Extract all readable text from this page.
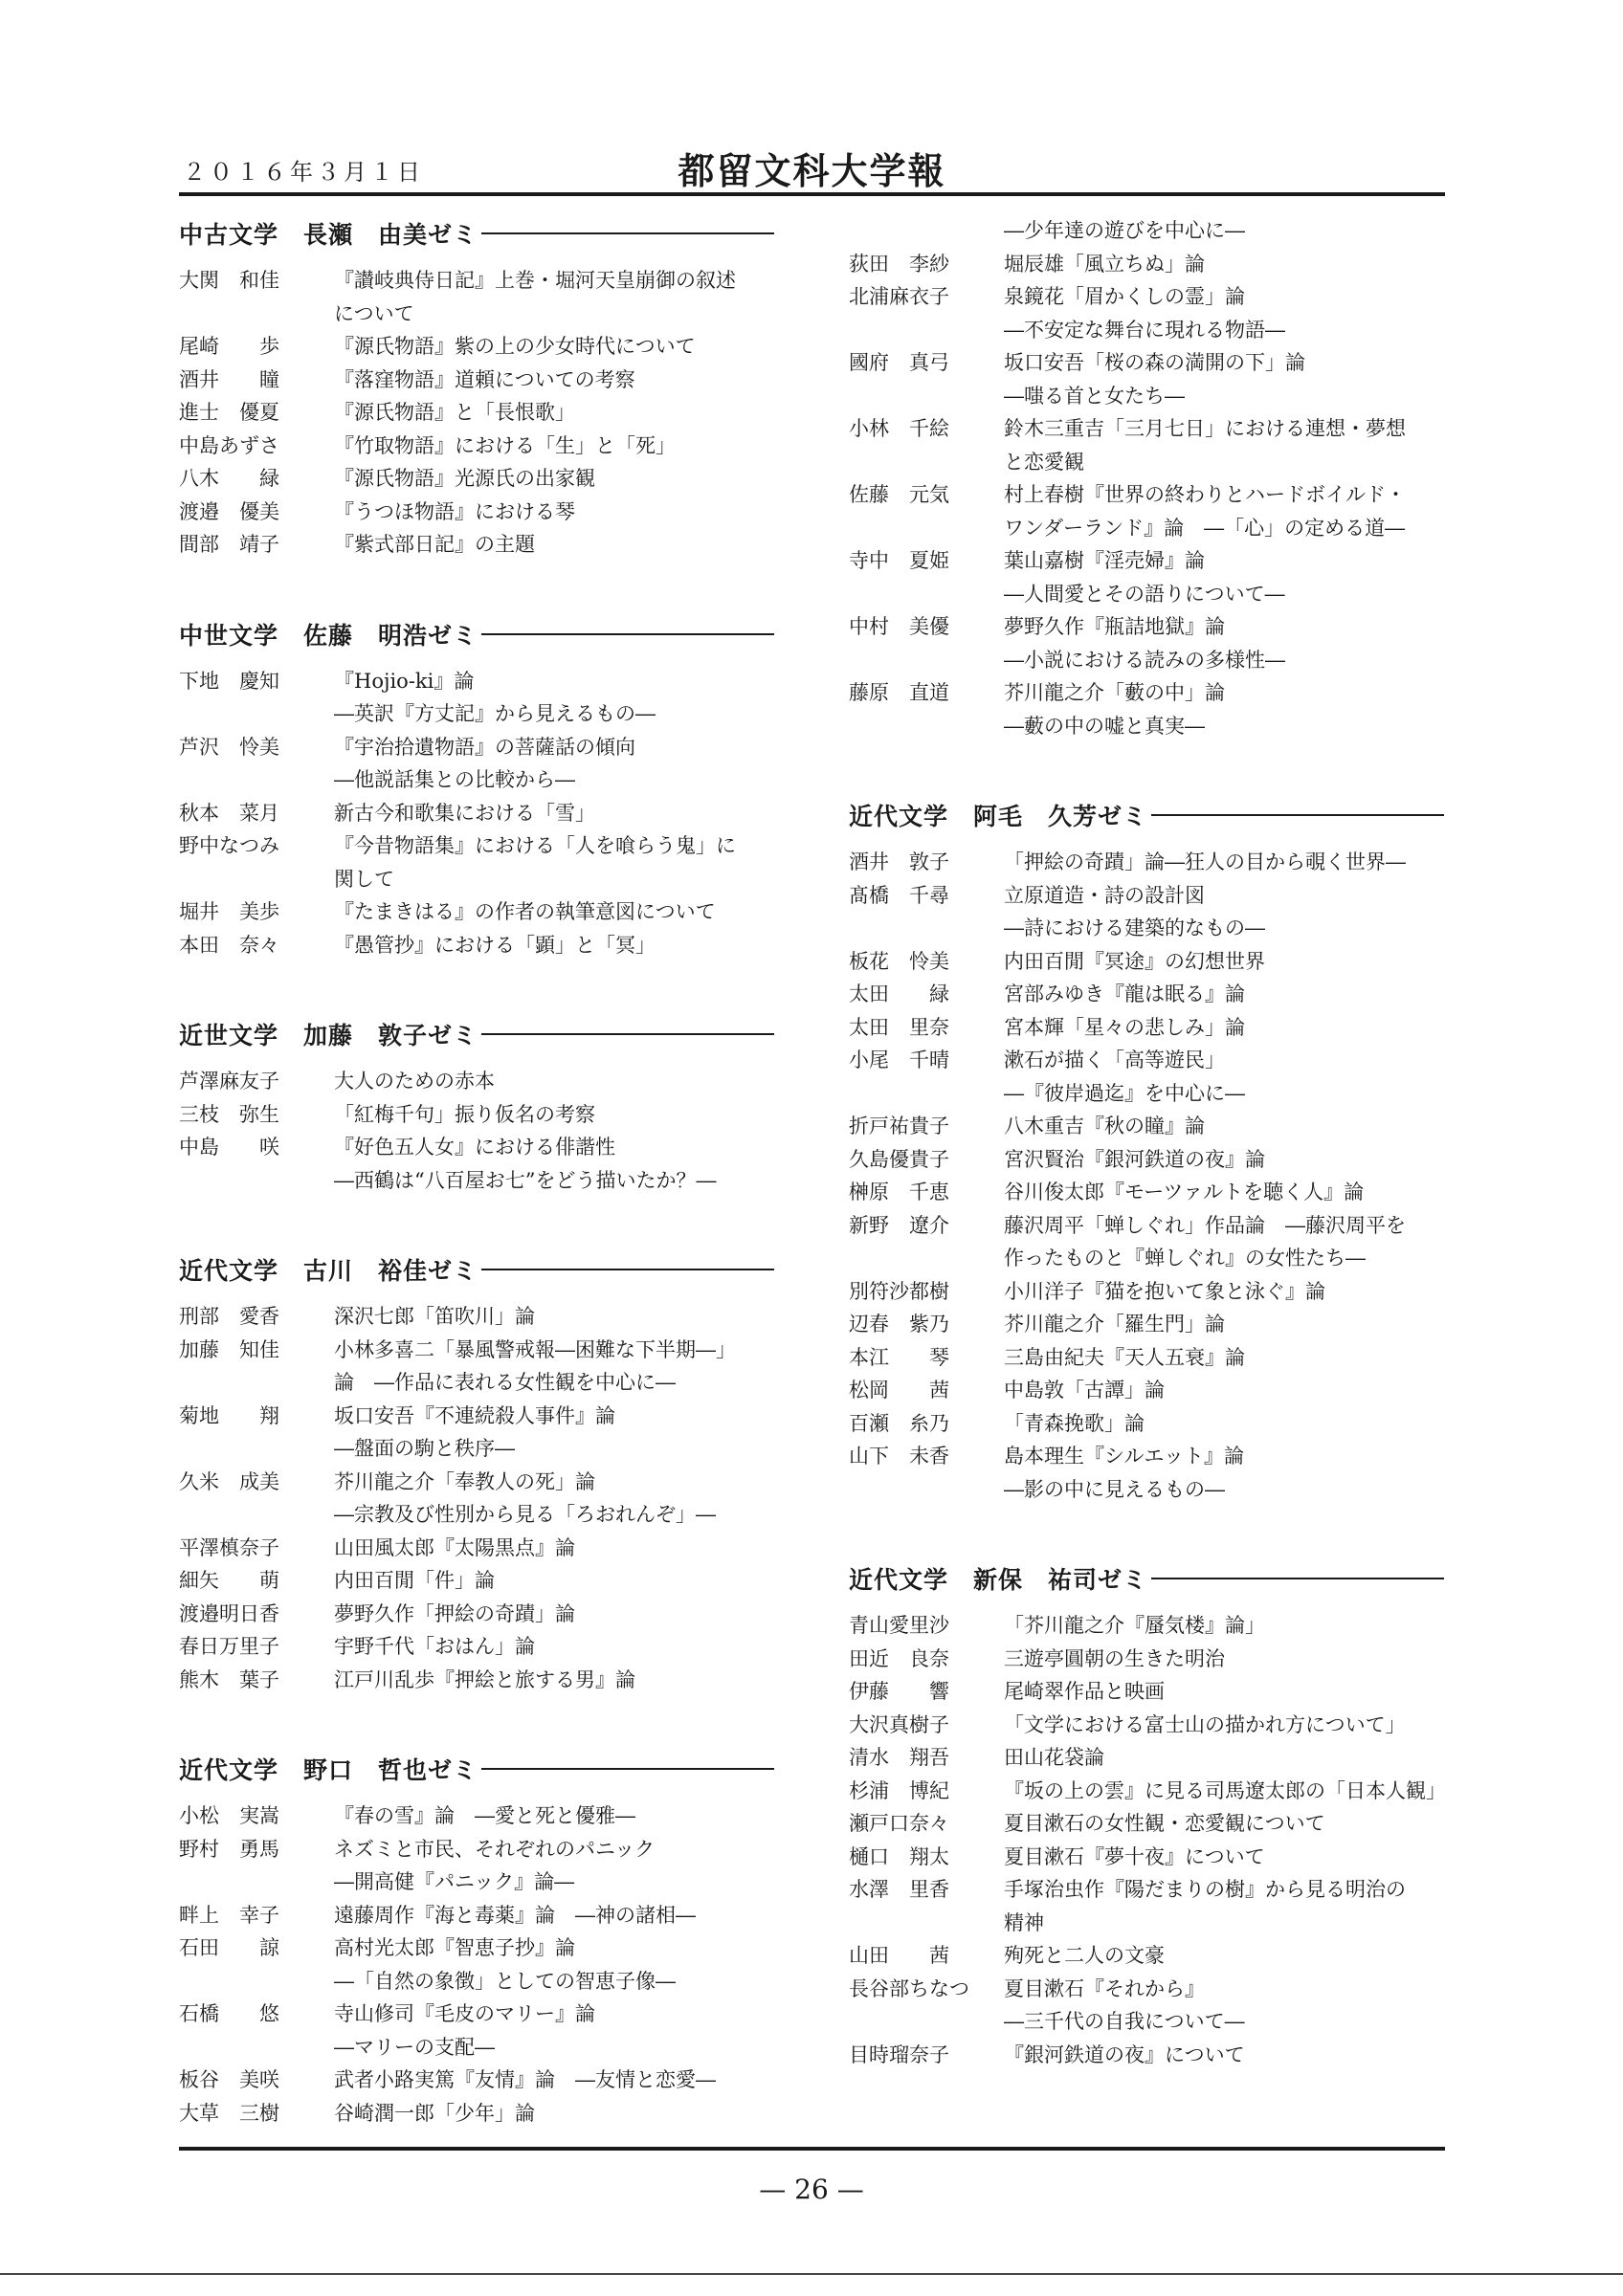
２０１６年３月１日	都留文科大学報
中古文学 長瀬　由美ゼミ
大関　和佳	『讃岐典侍日記』上巻・堀河天皇崩御の叙述
について
尾崎　　歩	『源氏物語』紫の上の少女時代について
酒井　　瞳	『落窪物語』道頼についての考察
進士　優夏	『源氏物語』と「長恨歌」
中島あずさ	『竹取物語』における「生」と「死」
八木　　緑	『源氏物語』光源氏の出家観
渡邉　優美	『うつほ物語』における琴
間部　靖子	『紫式部日記』の主題
中世文学 佐藤　明浩ゼミ
下地　慶知	『Hojio-ki』論
―英訳『方丈記』から見えるもの―
芦沢　怜美	『宇治拾遺物語』の菩薩話の傾向
―他説話集との比較から―
秋本　菜月	新古今和歌集における「雪」
野中なつみ	『今昔物語集』における「人を喰らう鬼」に
関して
堀井　美歩	『たまきはる』の作者の執筆意図について
本田　奈々	『愚管抄』における「顕」と「冥」
近世文学 加藤　敦子ゼミ
芦澤麻友子	大人のための赤本
三枝　弥生	「紅梅千句」振り仮名の考察
中島　　咲	『好色五人女』における俳諧性
―西鶴は“八百屋お七”をどう描いたか？―
近代文学 古川　裕佳ゼミ
刑部　愛香	深沢七郎「笛吹川」論
加藤　知佳	小林多喜二「暴風警戒報―困難な下半期―」
論　―作品に表れる女性観を中心に―
菊地　　翔	坂口安吾『不連続殺人事件』論
―盤面の駒と秩序―
久米　成美	芥川龍之介「奉教人の死」論
―宗教及び性別から見る「ろおれんぞ」―
平澤槙奈子	山田風太郎『太陽黒点』論
細矢　　萌	内田百閒「件」論
渡邉明日香	夢野久作「押絵の奇蹟」論
春日万里子	宇野千代「おはん」論
熊木　葉子	江戸川乱歩『押絵と旅する男』論
近代文学 野口　哲也ゼミ
小松　実嵩	『春の雪』論　―愛と死と優雅―
野村　勇馬	ネズミと市民、それぞれのパニック
―開高健『パニック』論―
畔上　幸子	遠藤周作『海と毒薬』論　―神の諸相―
石田　　諒	高村光太郎『智恵子抄』論
―「自然の象徴」としての智恵子像―
石橋　　悠	寺山修司『毛皮のマリー』論
―マリーの支配―
板谷　美咲	武者小路実篤『友情』論　―友情と恋愛―
大草　三樹	谷崎潤一郎「少年」論
―少年達の遊びを中心に―
荻田　李紗	堀辰雄「風立ちぬ」論
北浦麻衣子	泉鏡花「眉かくしの霊」論
―不安定な舞台に現れる物語―
國府　真弓	坂口安吾「桜の森の満開の下」論
―嗤る首と女たち―
小林　千絵	鈴木三重吉「三月七日」における連想・夢想
と恋愛観
佐藤　元気	村上春樹『世界の終わりとハードボイルド・
ワンダーランド』論　―「心」の定める道―
寺中　夏姫	葉山嘉樹『淫売婦』論
―人間愛とその語りについて―
中村　美優	夢野久作『瓶詰地獄』論
―小説における読みの多様性―
藤原　直道	芥川龍之介「藪の中」論
―藪の中の嘘と真実―
近代文学 阿毛　久芳ゼミ
酒井　敦子	「押絵の奇蹟」論―狂人の目から覗く世界―
髙橋　千尋	立原道造・詩の設計図
―詩における建築的なもの―
板花　怜美	内田百閒『冥途』の幻想世界
太田　　緑	宮部みゆき『龍は眠る』論
太田　里奈	宮本輝「星々の悲しみ」論
小尾　千晴	漱石が描く「高等遊民」
―『彼岸過迄』を中心に―
折戸祐貴子	八木重吉『秋の瞳』論
久島優貴子	宮沢賢治『銀河鉄道の夜』論
榊原　千恵	谷川俊太郎『モーツァルトを聴く人』論
新野　遼介	藤沢周平「蝉しぐれ」作品論　―藤沢周平を
作ったものと『蝉しぐれ』の女性たち―
別符沙都樹	小川洋子『猫を抱いて象と泳ぐ』論
辺春　紫乃	芥川龍之介「羅生門」論
本江　　琴	三島由紀夫『天人五衰』論
松岡　　茜	中島敦「古譚」論
百瀬　糸乃	「青森挽歌」論
山下　未香	島本理生『シルエット』論
―影の中に見えるもの―
近代文学 新保　祐司ゼミ
青山愛里沙	「芥川龍之介『蜃気楼』論」
田近　良奈	三遊亭圓朝の生きた明治
伊藤　　響	尾崎翠作品と映画
大沢真樹子	「文学における富士山の描かれ方について」
清水　翔吾	田山花袋論
杉浦　博紀	『坂の上の雲』に見る司馬遼太郎の「日本人観」
瀬戸口奈々	夏目漱石の女性観・恋愛観について
樋口　翔太	夏目漱石『夢十夜』について
水澤　里香	手塚治虫作『陽だまりの樹』から見る明治の
精神
山田　　茜	殉死と二人の文豪
長谷部ちなつ	夏目漱石『それから』
―三千代の自我について―
目時瑠奈子	『銀河鉄道の夜』について
— 26 —
